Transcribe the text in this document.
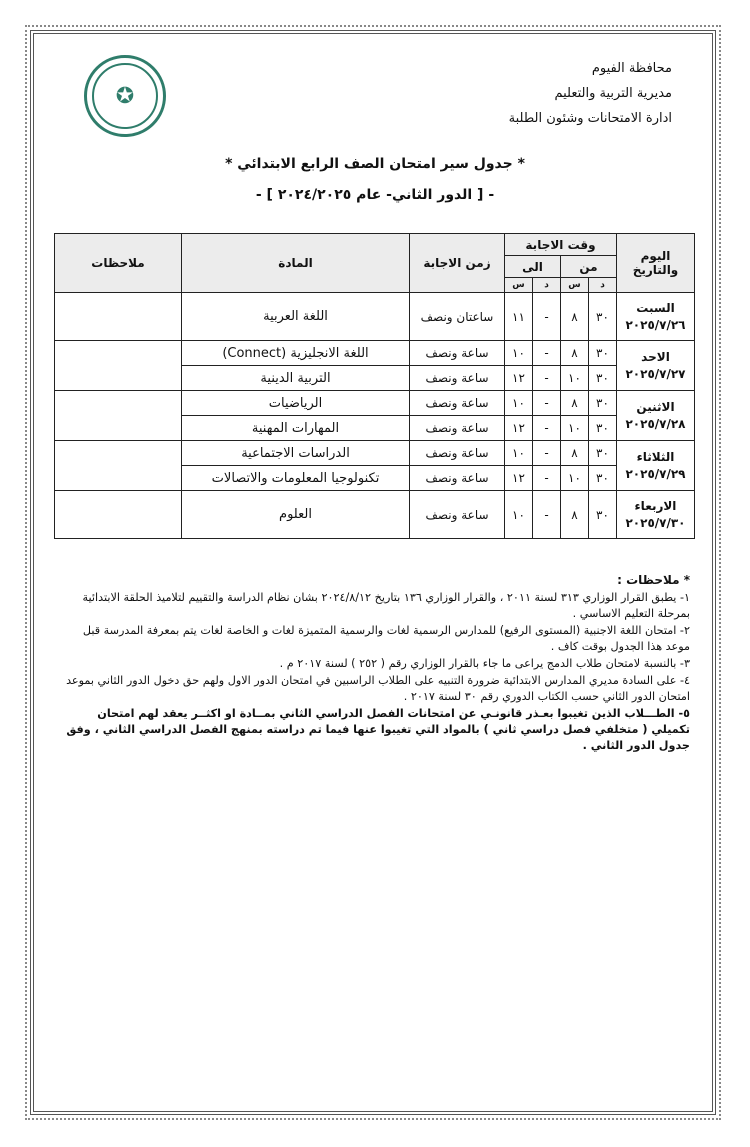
✪
محافظة الفيوم
مديرية التربية والتعليم
ادارة الامتحانات وشئون الطلبة
* جدول سير امتحان الصف الرابع الابتدائي *
- [ الدور الثاني- عام ٢٠٢٤/٢٠٢٥ ] -
اليوم والتاريخ	وقت الاجابة				زمن الاجابة	المادة	ملاحظات
	من		الى				
	د	س	د	س			

السبت
٢٠٢٥/٧/٢٦	٣٠	٨	-	١١	ساعتان ونصف	اللغة العربية	

الاحد
٢٠٢٥/٧/٢٧	٣٠	٨	-	١٠	ساعة ونصف	اللغة الانجليزية (Connect)	
	٣٠	١٠	-	١٢	ساعة ونصف	التربية الدينية	

الاثنين
٢٠٢٥/٧/٢٨	٣٠	٨	-	١٠	ساعة ونصف	الرياضيات	
	٣٠	١٠	-	١٢	ساعة ونصف	المهارات المهنية	

الثلاثاء
٢٠٢٥/٧/٢٩	٣٠	٨	-	١٠	ساعة ونصف	الدراسات الاجتماعية	
	٣٠	١٠	-	١٢	ساعة ونصف	تكنولوجيا المعلومات والاتصالات	

الاربعاء
٢٠٢٥/٧/٣٠	٣٠	٨	-	١٠	ساعة ونصف	العلوم	
* ملاحظات :

١- يطبق القرار الوزاري ٣١٣ لسنة ٢٠١١ ، والقرار الوزاري ١٣٦ بتاريخ ٢٠٢٤/٨/١٢ بشان نظام الدراسة والتقييم لتلاميذ الحلقة الابتدائية بمرحلة التعليم الاساسي .

٢- امتحان اللغة الاجنبية (المستوى الرفيع) للمدارس الرسمية لغات والرسمية المتميزة لغات و الخاصة لغات يتم بمعرفة المدرسة قبل موعد هذا الجدول بوقت كاف .

٣- بالنسبة لامتحان طلاب الدمج يراعى ما جاء بالقرار الوزاري رقم ( ٢٥٢ ) لسنة ٢٠١٧ م .

٤- على السادة مديري المدارس الابتدائية ضرورة التنبيه على الطلاب الراسبين في امتحان الدور الاول ولهم حق دخول الدور الثاني بموعد امتحان الدور الثاني حسب الكتاب الدوري رقم ٣٠ لسنة ٢٠١٧ .

٥- الطـــلاب الذين تغيبوا بعـذر قانونـي عن امتحانات الفصل الدراسي الثاني بمــادة او اكثــر يعقد لهم امتحان تكميلي ( متخلفي فصل دراسي ثاني ) بالمواد التي تغيبوا عنها فيما تم دراسته بمنهج الفصل الدراسي الثاني ، وفق جدول الدور الثاني .
